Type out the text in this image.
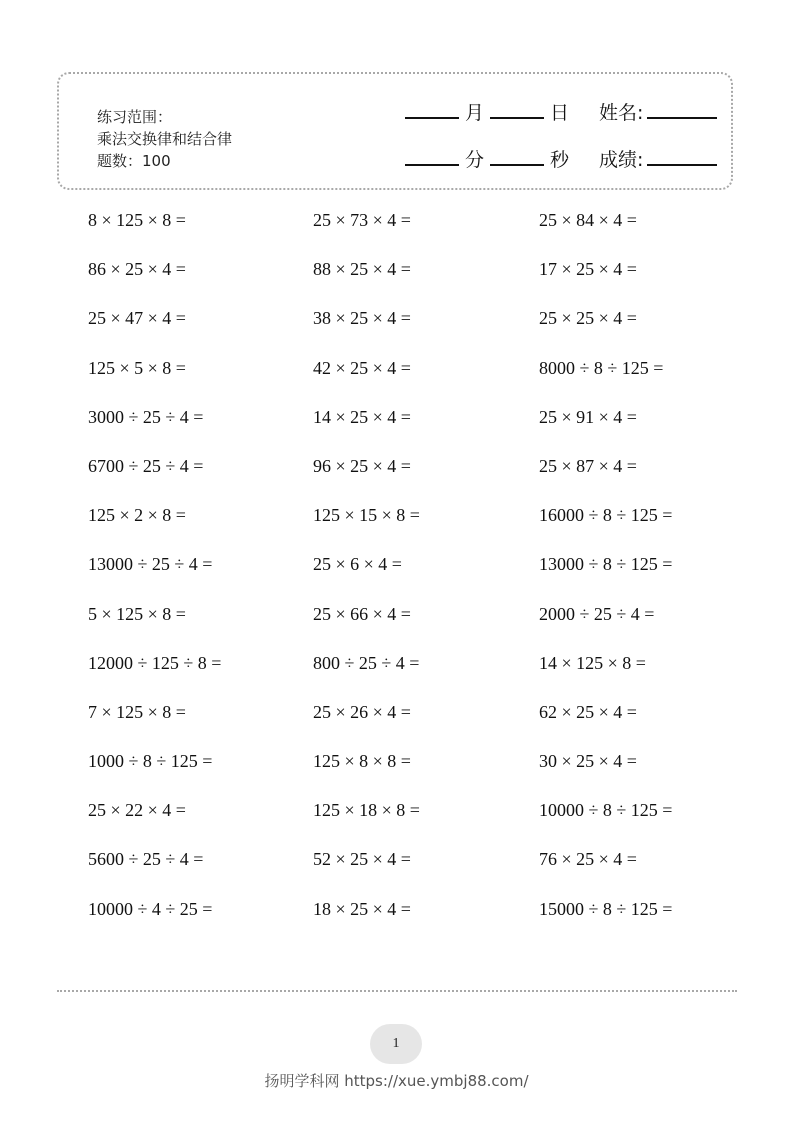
练习范围：
乘法交换律和结合律
题数：100
月	日 姓名:
分	秒 成绩:
8 × 125 × 8 =	25 × 73 × 4 =	25 × 84 × 4 =
86 × 25 × 4 =	88 × 25 × 4 =	17 × 25 × 4 =
25 × 47 × 4 =	38 × 25 × 4 =	25 × 25 × 4 =
125 × 5 × 8 =	42 × 25 × 4 =	8000 ÷ 8 ÷ 125 =
3000 ÷ 25 ÷ 4 =	14 × 25 × 4 =	25 × 91 × 4 =
6700 ÷ 25 ÷ 4 =	96 × 25 × 4 =	25 × 87 × 4 =
125 × 2 × 8 =	125 × 15 × 8 =	16000 ÷ 8 ÷ 125 =
13000 ÷ 25 ÷ 4 =	25 × 6 × 4 =	13000 ÷ 8 ÷ 125 =
5 × 125 × 8 =	25 × 66 × 4 =	2000 ÷ 25 ÷ 4 =
12000 ÷ 125 ÷ 8 =	800 ÷ 25 ÷ 4 =	14 × 125 × 8 =
7 × 125 × 8 =	25 × 26 × 4 =	62 × 25 × 4 =
1000 ÷ 8 ÷ 125 =	125 × 8 × 8 =	30 × 25 × 4 =
25 × 22 × 4 =	125 × 18 × 8 =	10000 ÷ 8 ÷ 125 =
5600 ÷ 25 ÷ 4 =	52 × 25 × 4 =	76 × 25 × 4 =
10000 ÷ 4 ÷ 25 =	18 × 25 × 4 =	15000 ÷ 8 ÷ 125 =
1
扬明学科网 https://xue.ymbj88.com/
